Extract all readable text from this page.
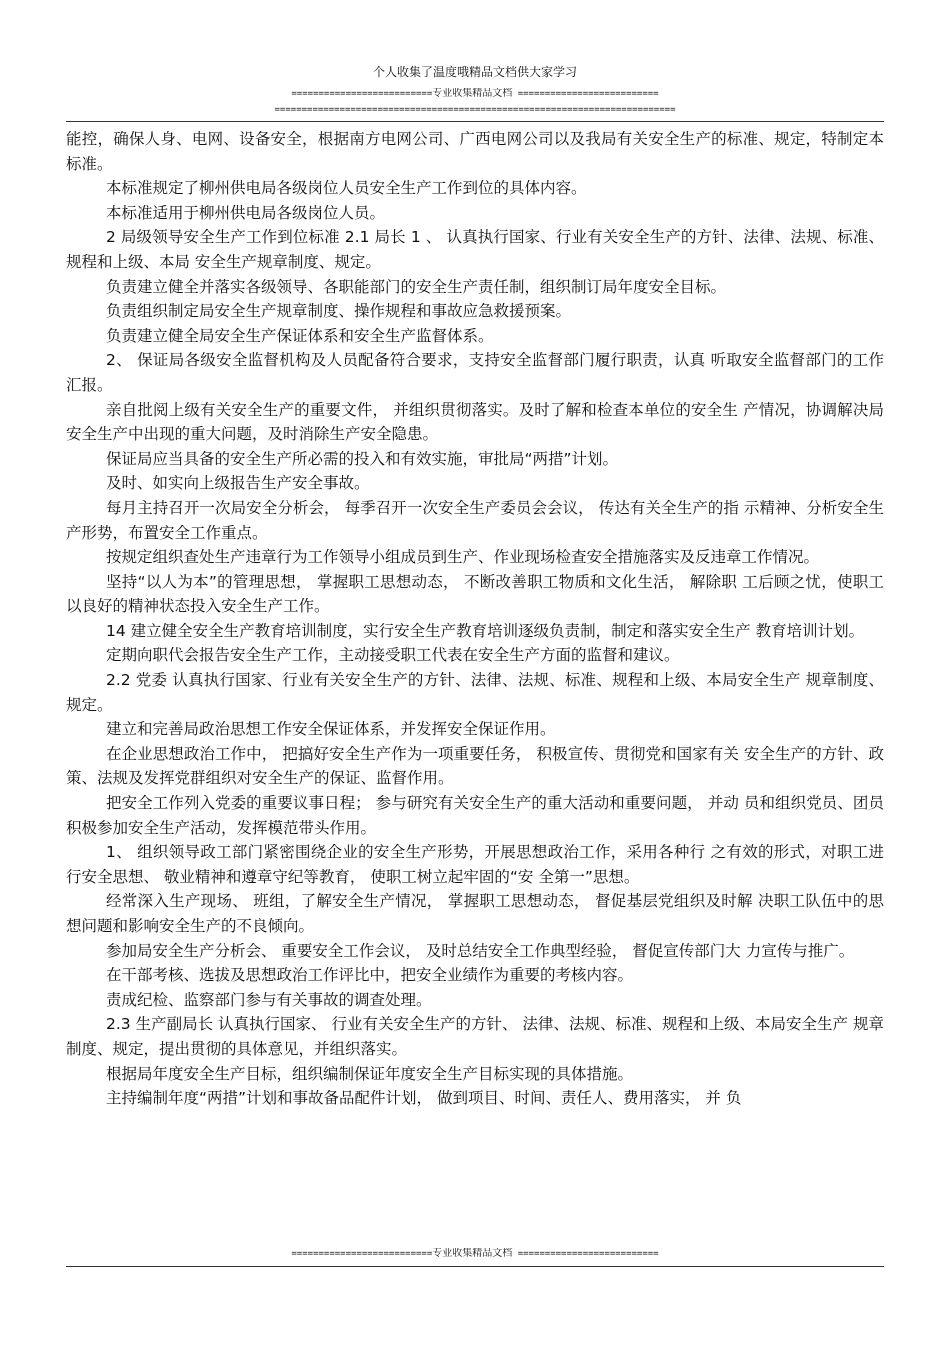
个人收集了温度哦精品文档供大家学习
==========================专业收集精品文档 ==========================
==========================================================================

能控，确保人身、电网、设备安全，根据南方电网公司、广西电网公司以及我局有关安全生产的标准、规定，特制定本标准。

本标准规定了柳州供电局各级岗位人员安全生产工作到位的具体内容。

本标准适用于柳州供电局各级岗位人员。

2 局级领导安全生产工作到位标准 2.1 局长 1 、 认真执行国家、行业有关安全生产的方针、法律、法规、标准、规程和上级、本局 安全生产规章制度、规定。

负责建立健全并落实各级领导、各职能部门的安全生产责任制，组织制订局年度安全目标。

负责组织制定局安全生产规章制度、操作规程和事故应急救援预案。

负责建立健全局安全生产保证体系和安全生产监督体系。

2、 保证局各级安全监督机构及人员配备符合要求，支持安全监督部门履行职责，认真 听取安全监督部门的工作汇报。

亲自批阅上级有关安全生产的重要文件， 并组织贯彻落实。及时了解和检查本单位的安全生 产情况，协调解决局安全生产中出现的重大问题，及时消除生产安全隐患。

保证局应当具备的安全生产所必需的投入和有效实施，审批局“两措”计划。

及时、如实向上级报告生产安全事故。

每月主持召开一次局安全分析会， 每季召开一次安全生产委员会会议， 传达有关全生产的指 示精神、分析安全生产形势，布置安全工作重点。

按规定组织查处生产违章行为工作领导小组成员到生产、作业现场检查安全措施落实及反违章工作情况。

坚持“以人为本”的管理思想， 掌握职工思想动态， 不断改善职工物质和文化生活， 解除职 工后顾之忧，使职工以良好的精神状态投入安全生产工作。

14 建立健全安全生产教育培训制度，实行安全生产教育培训逐级负责制，制定和落实安全生产 教育培训计划。

定期向职代会报告安全生产工作，主动接受职工代表在安全生产方面的监督和建议。

2.2 党委 认真执行国家、行业有关安全生产的方针、法律、法规、标准、规程和上级、本局安全生产 规章制度、规定。

建立和完善局政治思想工作安全保证体系，并发挥安全保证作用。

在企业思想政治工作中， 把搞好安全生产作为一项重要任务， 积极宣传、贯彻党和国家有关 安全生产的方针、政策、法规及发挥党群组织对安全生产的保证、监督作用。

把安全工作列入党委的重要议事日程； 参与研究有关安全生产的重大活动和重要问题， 并动 员和组织党员、团员积极参加安全生产活动，发挥模范带头作用。

1、 组织领导政工部门紧密围绕企业的安全生产形势，开展思想政治工作，采用各种行 之有效的形式，对职工进行安全思想、 敬业精神和遵章守纪等教育， 使职工树立起牢固的“安 全第一”思想。

经常深入生产现场、 班组，了解安全生产情况， 掌握职工思想动态， 督促基层党组织及时解 决职工队伍中的思想问题和影响安全生产的不良倾向。

参加局安全生产分析会、 重要安全工作会议， 及时总结安全工作典型经验， 督促宣传部门大 力宣传与推广。

在干部考核、选拔及思想政治工作评比中，把安全业绩作为重要的考核内容。

责成纪检、监察部门参与有关事故的调查处理。

2.3 生产副局长 认真执行国家、 行业有关安全生产的方针、 法律、法规、标准、规程和上级、本局安全生产 规章制度、规定，提出贯彻的具体意见，并组织落实。

根据局年度安全生产目标，组织编制保证年度安全生产目标实现的具体措施。

主持编制年度“两措”计划和事故备品配件计划， 做到项目、时间、责任人、费用落实， 并 负

==========================专业收集精品文档 ==========================
